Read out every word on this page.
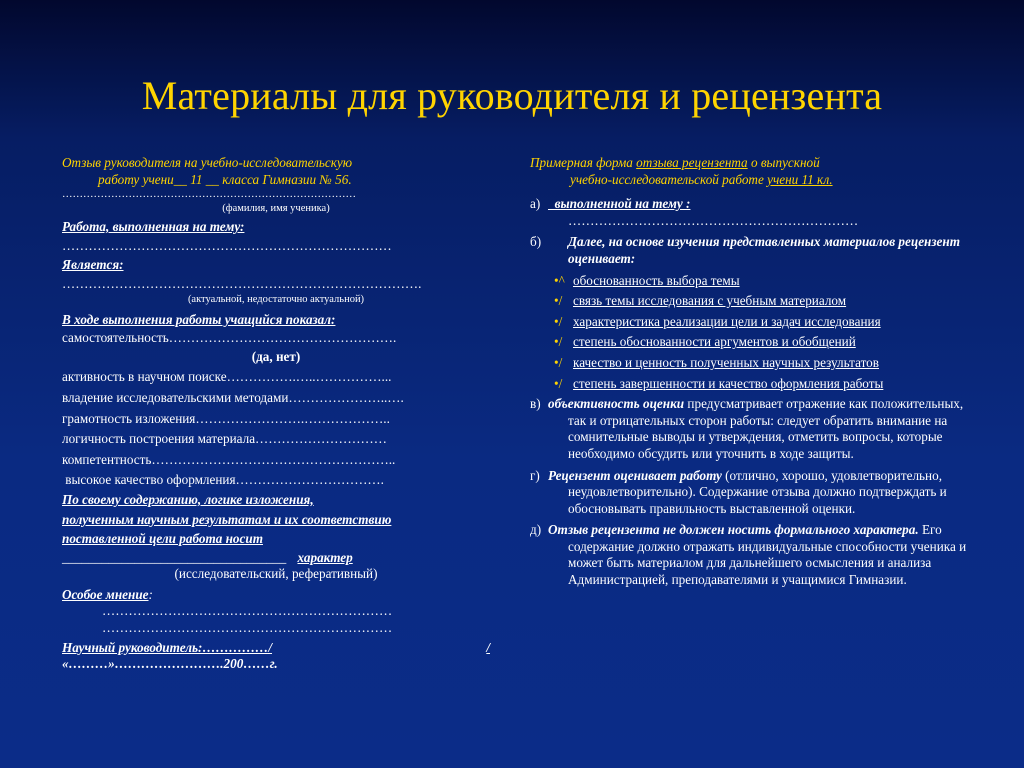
Материалы для руководителя и рецензента
Отзыв руководителя на учебно-исследовательскую
работу учени__ 11 __ класса Гимназии № 56.
…………………………………………………………………………
(фамилия, имя ученика)
Работа, выполненная на тему:
…………………………………………………………………
Является:
……………………………………………………………………….
(актуальной, недостаточно актуальной)
В ходе выполнения работы учащийся показал:
самостоятельность…………………………………………….
(да, нет)
активность в научном поиске…………….…..……………...
владение исследовательскими методами…………………..….
грамотность изложения…………………….………………..
логичность построения материала…………………………
компетентность………………………………………………..
высокое качество оформления…………………………….
По своему содержанию, логике изложения,
полученным научным результатам и их соответствию
поставленной цели работа носит
__________________________________ характер
(исследовательский, реферативный)
Особое мнение:
…………………………………………………………
…………………………………………………………
Научный руководитель:……………/	/
«………»…………………….200……г.
Примерная форма отзыва рецензента о выпускной
учебно-исследовательской работе учени 11 кл.
а) выполненной на тему :
…………………………………………………………
б)	Далее, на основе изучения представленных материалов рецензент оценивает:
•^ обоснованность выбора темы
•/ связь темы исследования с учебным материалом
•/ характеристика реализации цели и задач исследования
•/ степень обоснованности аргументов и обобщений
•/ качество и ценность полученных научных результатов
•/ степень завершенности и качество оформления работы
в) объективность оценки предусматривает отражение как положительных, так и отрицательных сторон работы: следует обратить внимание на сомнительные выводы и утверждения, отметить вопросы, которые необходимо обсудить или уточнить в ходе защиты.
г) Рецензент оценивает работу (отлично, хорошо, удовлетворительно, неудовлетворительно). Содержание отзыва должно подтверждать и обосновывать правильность выставленной оценки.
д) Отзыв рецензента не должен носить формального характера. Его содержание должно отражать индивидуальные способности ученика и может быть материалом для дальнейшего осмысления и анализа Администрацией, преподавателями и учащимися Гимназии.
